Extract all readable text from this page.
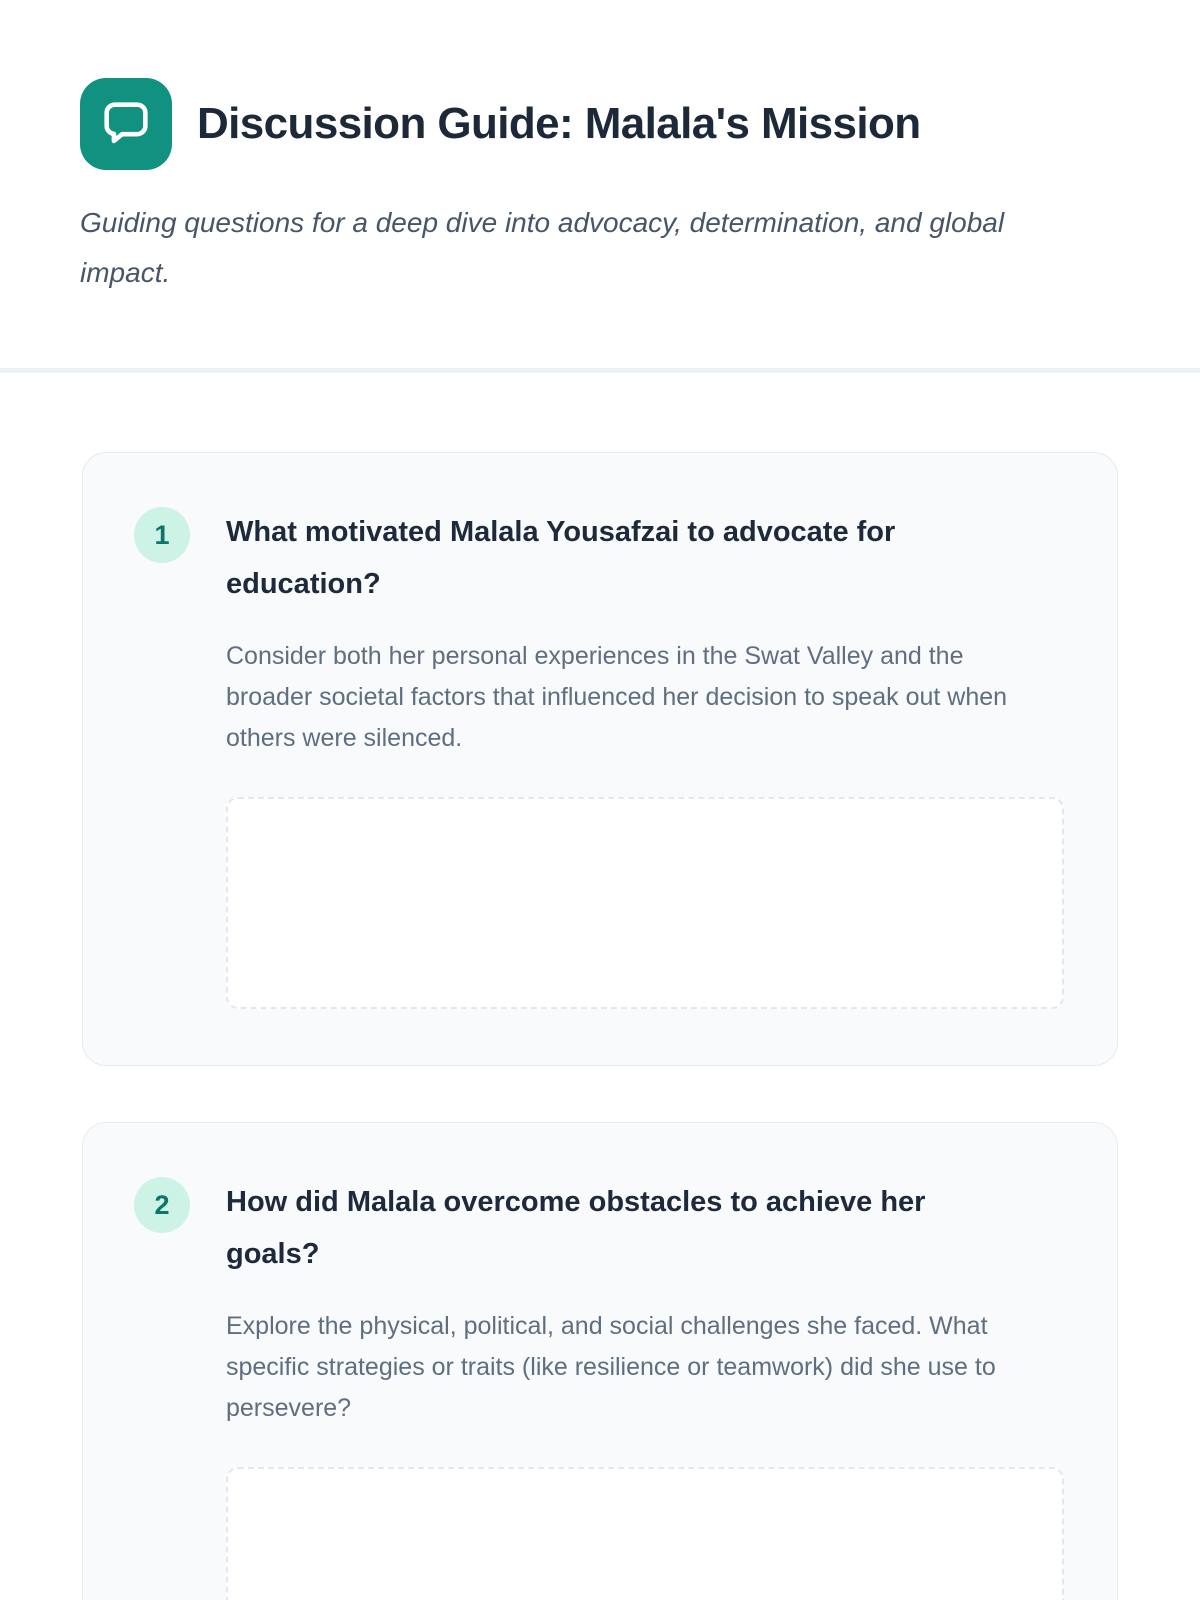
Discussion Guide: Malala's Mission

Guiding questions for a deep dive into advocacy, determination, and global impact.

1	What motivated Malala Yousafzai to advocate for education?

Consider both her personal experiences in the Swat Valley and the broader societal factors that influenced her decision to speak out when others were silenced.

2	How did Malala overcome obstacles to achieve her goals?

Explore the physical, political, and social challenges she faced. What specific strategies or traits (like resilience or teamwork) did she use to persevere?
